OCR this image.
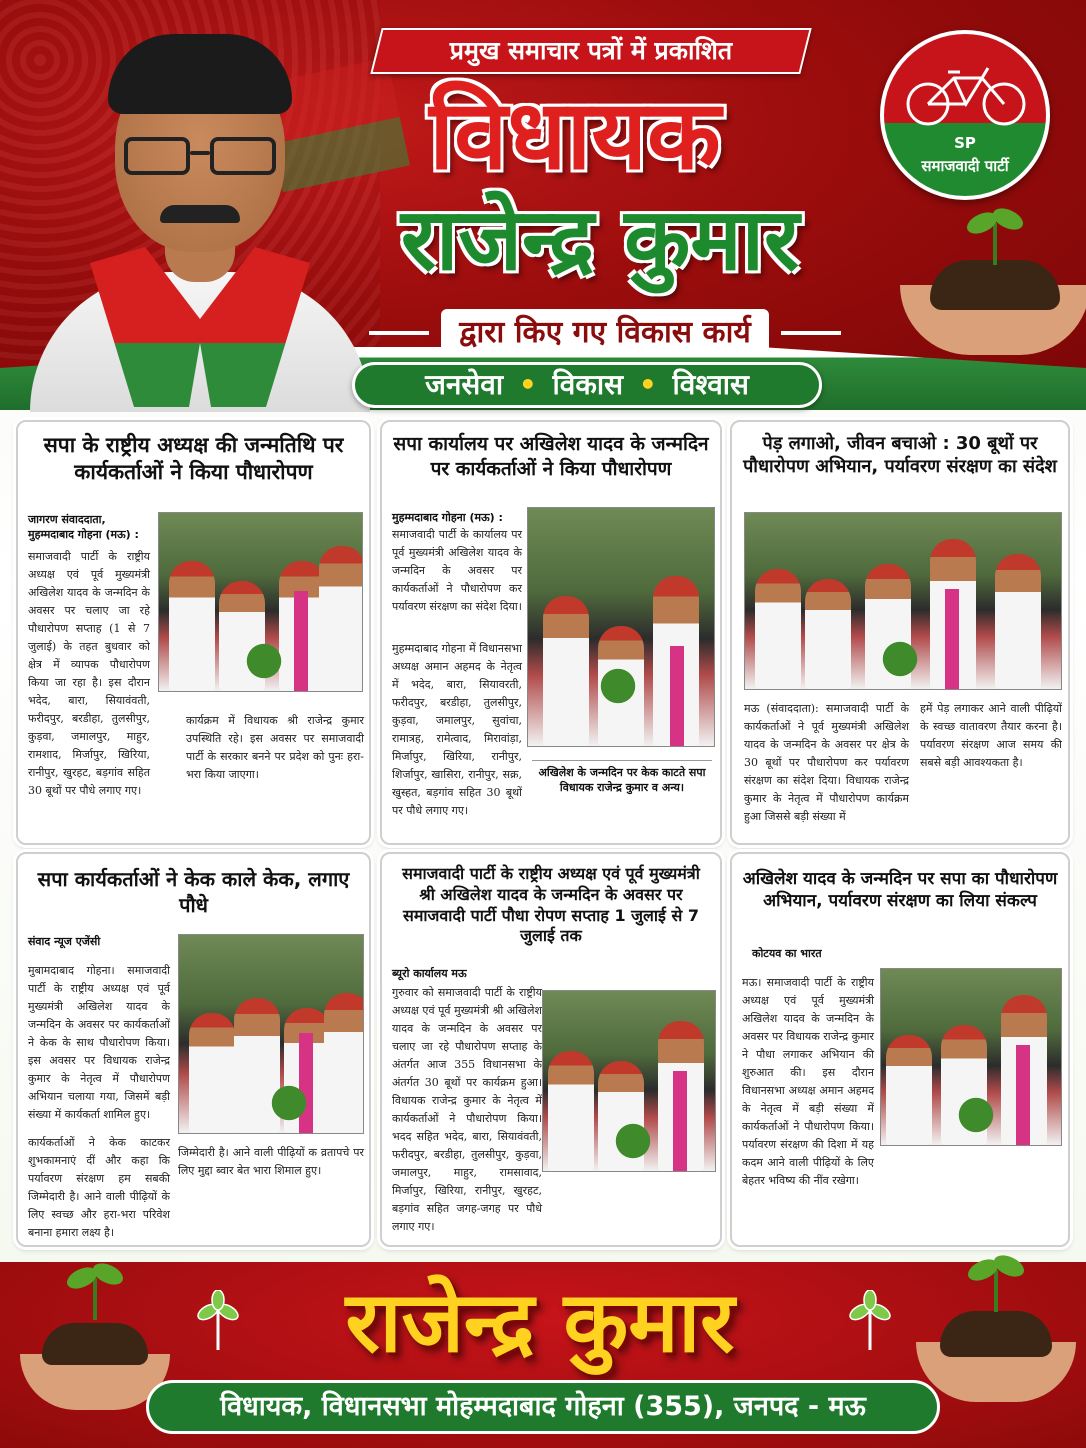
प्रमुख समाचार पत्रों में प्रकाशित
विधायक
राजेन्द्र कुमार
द्वारा किए गए विकास कार्य
जनसेवा • विकास • विश्वास
SP
समाजवादी पार्टी
सपा के राष्ट्रीय अध्यक्ष की जन्मतिथि पर कार्यकर्ताओं ने किया पौधारोपण
जागरण संवाददाता,
मुहम्मदाबाद गोहना (मऊ) :
समाजवादी पार्टी के राष्ट्रीय अध्यक्ष एवं पूर्व मुख्यमंत्री अखिलेश यादव के जन्मदिन के अवसर पर चलाए जा रहे पौधारोपण सप्ताह (1 से 7 जुलाई) के तहत बुधवार को क्षेत्र में व्यापक पौधारोपण किया जा रहा है। इस दौरान भदेद, बारा, सियावंवती, फरीदपुर, बरडीहा, तुलसीपुर, कुड़वा, जमालपुर, माहुर, रामशाद, मिर्जापुर, खिरिया, रानीपुर, खुरहट, बड़गांव सहित 30 बूथों पर पौधे लगाए गए।
कार्यक्रम में विधायक श्री राजेन्द्र कुमार उपस्थिति रहे। इस अवसर पर समाजवादी पार्टी के सरकार बनने पर प्रदेश को पुनः हरा-भरा किया जाएगा।
सपा कार्यालय पर अखिलेश यादव के जन्मदिन पर कार्यकर्ताओं ने किया पौधारोपण
मुहम्मदाबाद गोहना (मऊ) :
समाजवादी पार्टी के कार्यालय पर पूर्व मुख्यमंत्री अखिलेश यादव के जन्मदिन के अवसर पर कार्यकर्ताओं ने पौधारोपण कर पर्यावरण संरक्षण का संदेश दिया।
मुहम्मदाबाद गोहना में विधानसभा अध्यक्ष अमान अहमद के नेतृत्व में भदेद, बारा, सियावरती, फरीदपुर, बरडीहा, तुलसीपुर, कुड़वा, जमालपुर, सुवांचा, रामात्रह, रामेत्वाद, मिरावांड़ा, मिर्जापुर, खिरिया, रानीपुर, शिर्जापुर, खासिरा, रानीपुर, सक्र, खुस्हत, बड़गांव सहित 30 बूथों पर पौधे लगाए गए।
अखिलेश के जन्मदिन पर केक काटते सपा
विधायक राजेन्द्र कुमार व अन्य।
पेड़ लगाओ, जीवन बचाओ : 30 बूथों पर पौधारोपण अभियान, पर्यावरण संरक्षण का संदेश
मऊ (संवाददाता): समाजवादी पार्टी के कार्यकर्ताओं ने पूर्व मुख्यमंत्री अखिलेश यादव के जन्मदिन के अवसर पर क्षेत्र के 30 बूथों पर पौधारोपण कर पर्यावरण संरक्षण का संदेश दिया। विधायक राजेन्द्र कुमार के नेतृत्व में पौधारोपण कार्यक्रम हुआ जिससे बड़ी संख्या में
हमें पेड़ लगाकर आने वाली पीढ़ियों के स्वच्छ वातावरण तैयार करना है। पर्यावरण संरक्षण आज समय की सबसे बड़ी आवश्यकता है।
सपा कार्यकर्ताओं ने केक काले केक, लगाए पौधे
संवाद न्यूज एजेंसी
मुबामदाबाद गोहना। समाजवादी पार्टी के राष्ट्रीय अध्यक्ष एवं पूर्व मुख्यमंत्री अखिलेश यादव के जन्मदिन के अवसर पर कार्यकर्ताओं ने केक के साथ पौधारोपण किया। इस अवसर पर विधायक राजेन्द्र कुमार के नेतृत्व में पौधारोपण अभियान चलाया गया, जिसमें बड़ी संख्या में कार्यकर्ता शामिल हुए।
कार्यकर्ताओं ने केक काटकर शुभकामनाएं दीं और कहा कि पर्यावरण संरक्षण हम सबकी जिम्मेदारी है। आने वाली पीढ़ियों के लिए स्वच्छ और हरा-भरा परिवेश बनाना हमारा लक्ष्य है।
जिम्मेदारी है। आने वाली पीढ़ियों क व्रतापचे पर लिए मुद्दा ब्वार बेत भारा शिमाल हुए।
समाजवादी पार्टी के राष्ट्रीय अध्यक्ष एवं पूर्व मुख्यमंत्री श्री अखिलेश यादव के जन्मदिन के अवसर पर समाजवादी पार्टी पौधा रोपण सप्ताह 1 जुलाई से 7 जुलाई तक
ब्यूरो कार्यालय मऊ
गुरुवार को समाजवादी पार्टी के राष्ट्रीय अध्यक्ष एवं पूर्व मुख्यमंत्री श्री अखिलेश यादव के जन्मदिन के अवसर पर चलाए जा रहे पौधारोपण सप्ताह के अंतर्गत आज 355 विधानसभा के अंतर्गत 30 बूथों पर कार्यक्रम हुआ। विधायक राजेन्द्र कुमार के नेतृत्व में कार्यकर्ताओं ने पौधारोपण किया। भदद सहित भदेद, बारा, सियावंवती, फरीदपुर, बरडीहा, तुलसीपुर, कुड़वा, जमालपुर, माहुर, रामसावाद, मिर्जापुर, खिरिया, रानीपुर, खुरहट, बड़गांव सहित जगह-जगह पर पौधे लगाए गए।
अखिलेश यादव के जन्मदिन पर सपा का पौधारोपण अभियान, पर्यावरण संरक्षण का लिया संकल्प
कोटयव का भारत
मऊ। समाजवादी पार्टी के राष्ट्रीय अध्यक्ष एवं पूर्व मुख्यमंत्री अखिलेश यादव के जन्मदिन के अवसर पर विधायक राजेन्द्र कुमार ने पौधा लगाकर अभियान की शुरुआत की। इस दौरान विधानसभा अध्यक्ष अमान अहमद के नेतृत्व में बड़ी संख्या में कार्यकर्ताओं ने पौधारोपण किया। पर्यावरण संरक्षण की दिशा में यह कदम आने वाली पीढ़ियों के लिए बेहतर भविष्य की नींव रखेगा।
राजेन्द्र कुमार
विधायक, विधानसभा मोहम्मदाबाद गोहना (355), जनपद - मऊ
